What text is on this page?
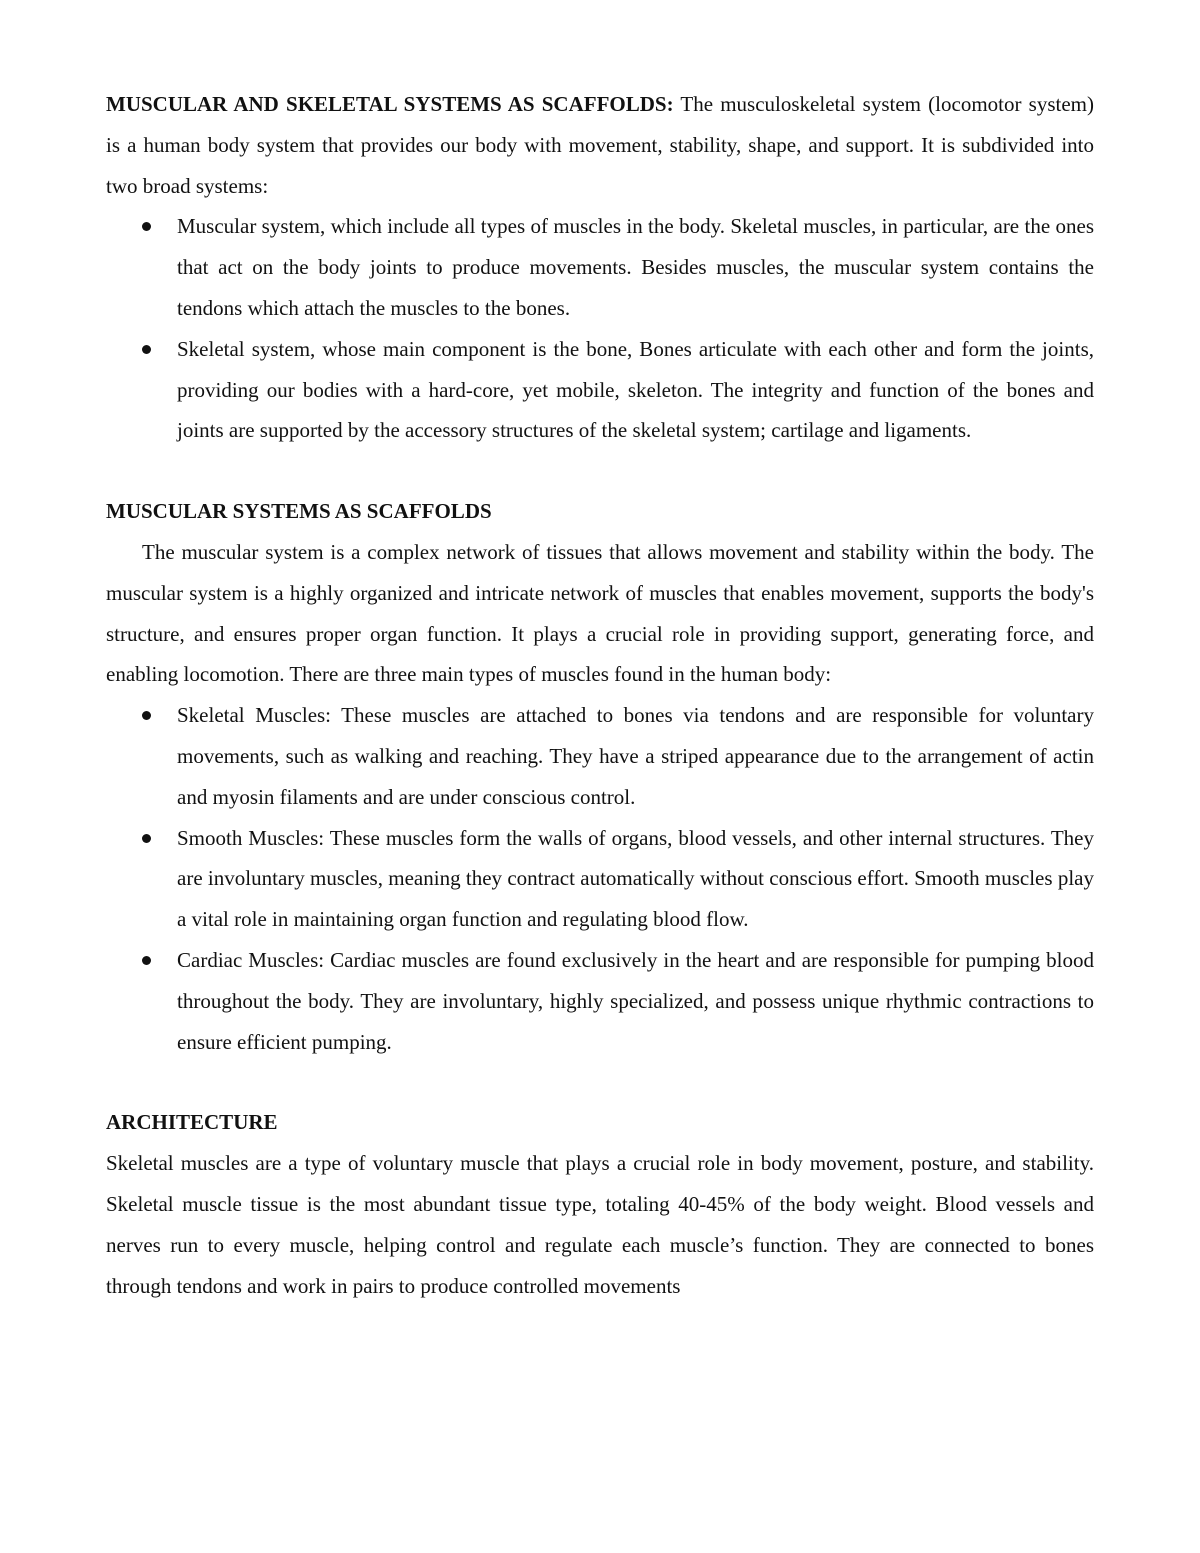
MUSCULAR AND SKELETAL SYSTEMS AS SCAFFOLDS: The musculoskeletal system (locomotor system) is a human body system that provides our body with movement, stability, shape, and support. It is subdivided into two broad systems:

Muscular system, which include all types of muscles in the body. Skeletal muscles, in particular, are the ones that act on the body joints to produce movements. Besides muscles, the muscular system contains the tendons which attach the muscles to the bones.
Skeletal system, whose main component is the bone, Bones articulate with each other and form the joints, providing our bodies with a hard-core, yet mobile, skeleton. The integrity and function of the bones and joints are supported by the accessory structures of the skeletal system; cartilage and ligaments.

MUSCULAR SYSTEMS AS SCAFFOLDS

The muscular system is a complex network of tissues that allows movement and stability within the body. The muscular system is a highly organized and intricate network of muscles that enables movement, supports the body's structure, and ensures proper organ function. It plays a crucial role in providing support, generating force, and enabling locomotion. There are three main types of muscles found in the human body:

Skeletal Muscles: These muscles are attached to bones via tendons and are responsible for voluntary movements, such as walking and reaching. They have a striped appearance due to the arrangement of actin and myosin filaments and are under conscious control.
Smooth Muscles: These muscles form the walls of organs, blood vessels, and other internal structures. They are involuntary muscles, meaning they contract automatically without conscious effort. Smooth muscles play a vital role in maintaining organ function and regulating blood flow.
Cardiac Muscles: Cardiac muscles are found exclusively in the heart and are responsible for pumping blood throughout the body. They are involuntary, highly specialized, and possess unique rhythmic contractions to ensure efficient pumping.

ARCHITECTURE

Skeletal muscles are a type of voluntary muscle that plays a crucial role in body movement, posture, and stability. Skeletal muscle tissue is the most abundant tissue type, totaling 40-45% of the body weight. Blood vessels and nerves run to every muscle, helping control and regulate each muscle’s function. They are connected to bones through tendons and work in pairs to produce controlled movements
